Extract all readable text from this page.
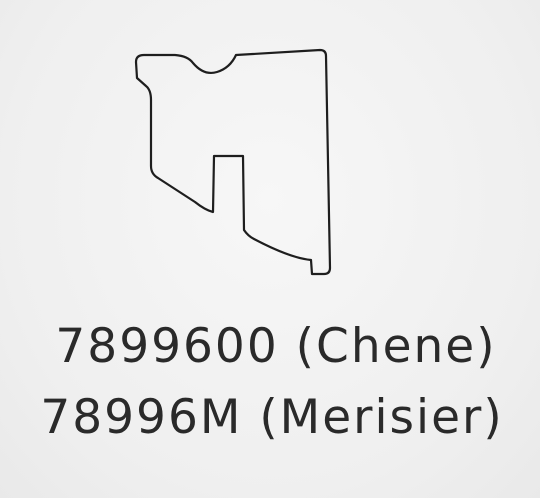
7899600 (Chene)
78996M (Merisier)
